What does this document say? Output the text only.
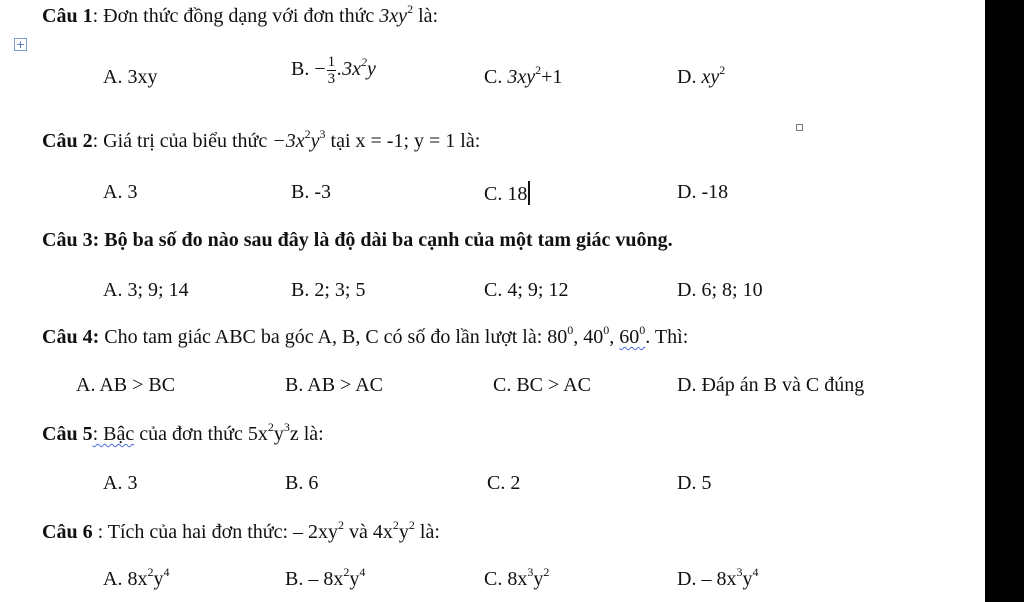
+
Câu 1: Đơn thức đồng dạng với đơn thức $3xy^2$ là:
A. 3xy	B. − $\frac{1}{3} .3x^2y$	C. $3xy^2+1$	D. $xy^2$
Câu 2: Giá trị của biểu thức $-3x^2y^3$ tại x = -1; y = 1 là:
A. 3	B. -3	C. 18	D. -18
Câu 3: Bộ ba số đo nào sau đây là độ dài ba cạnh của một tam giác vuông.
A. 3; 9; 14	B. 2; 3; 5	C. 4; 9; 12	D. 6; 8; 10
Câu 4: Cho tam giác ABC ba góc A, B, C có số đo lần lượt là: $80^0$, $40^0$, $60^0$. Thì:
A. AB > BC	B. AB > AC	C. BC > AC	D. Đáp án B và C đúng
Câu 5: Bậc của đơn thức $5x^2y^3z$ là:
A. 3	B. 6	C. 2	D. 5
Câu 6 : Tích của hai đơn thức: – $2xy^2$ và $4x^2y^2$ là:
A. $8x^2y^4$	B. – $8x^2y^4$	C. $8x^3y^2$	D. – $8x^3y^4$
